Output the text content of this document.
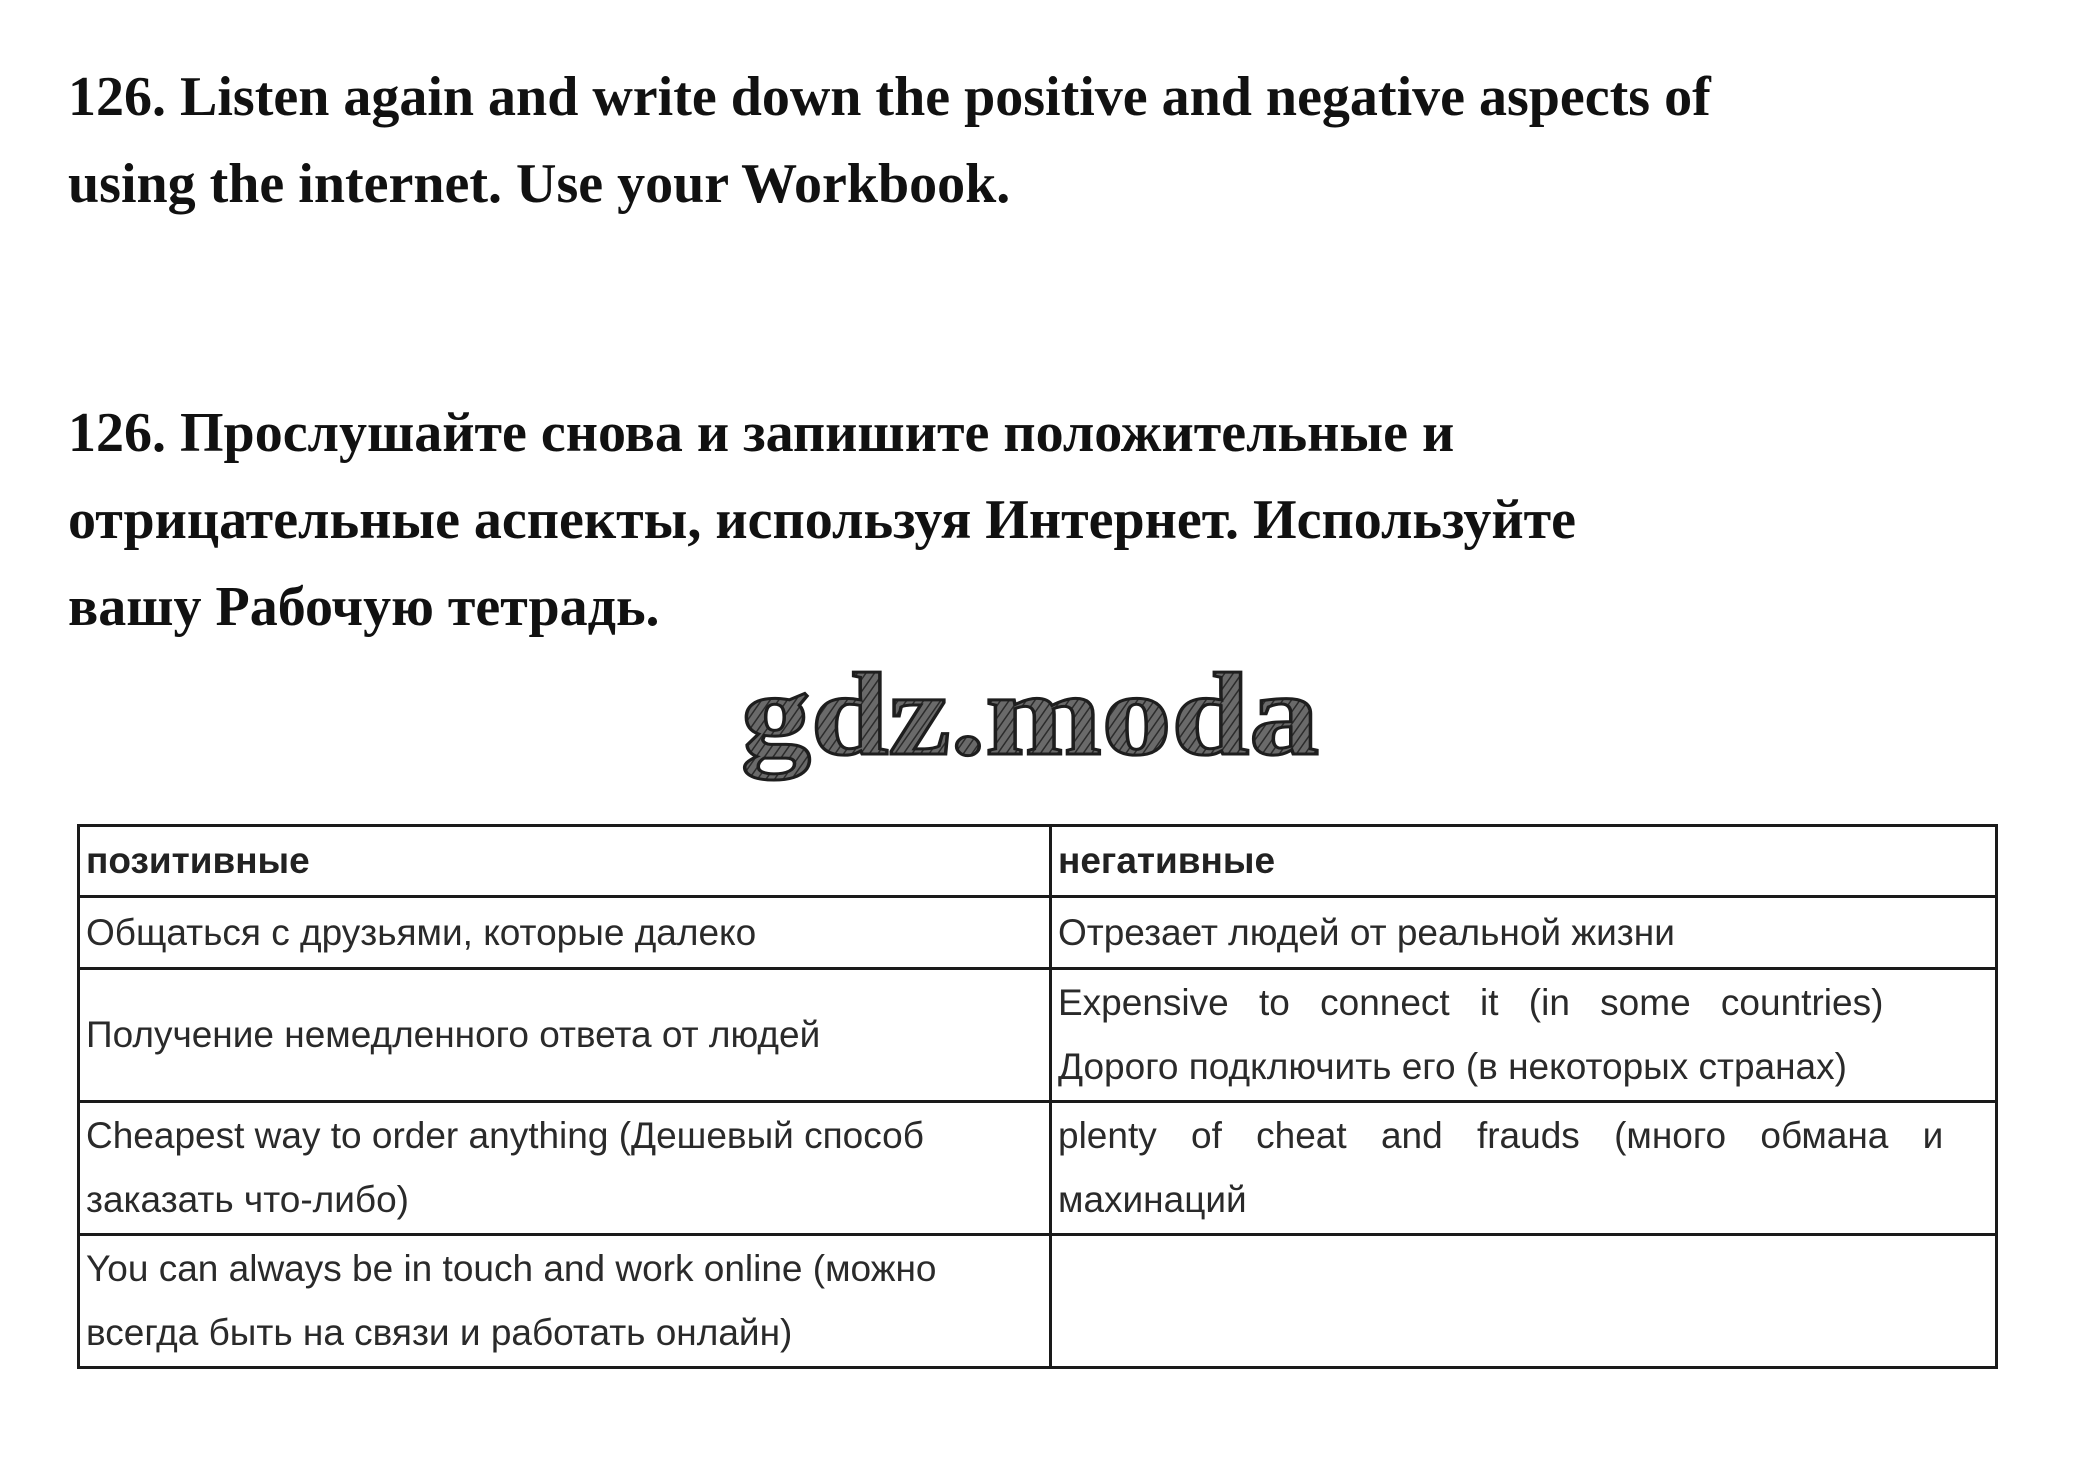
126. Listen again and write down the positive and negative aspects of
using the internet. Use your Workbook.
126. Прослушайте снова и запишите положительные и
отрицательные аспекты, используя Интернет. Используйте
вашу Рабочую тетрадь.
gdz.moda
позитивные	негативные

Общаться с друзьями, которые далеко	Отрезает людей от реальной жизни

Получение немедленного ответа от людей	Expensive to connect it (in some countries)
Дорого подключить его (в некоторых странах)

Cheapest way to order anything (Дешевый способ
заказать что-либо)	plenty of cheat and frauds (много обмана и
махинаций

You can always be in touch and work online (можно
всегда быть на связи и работать онлайн)	
